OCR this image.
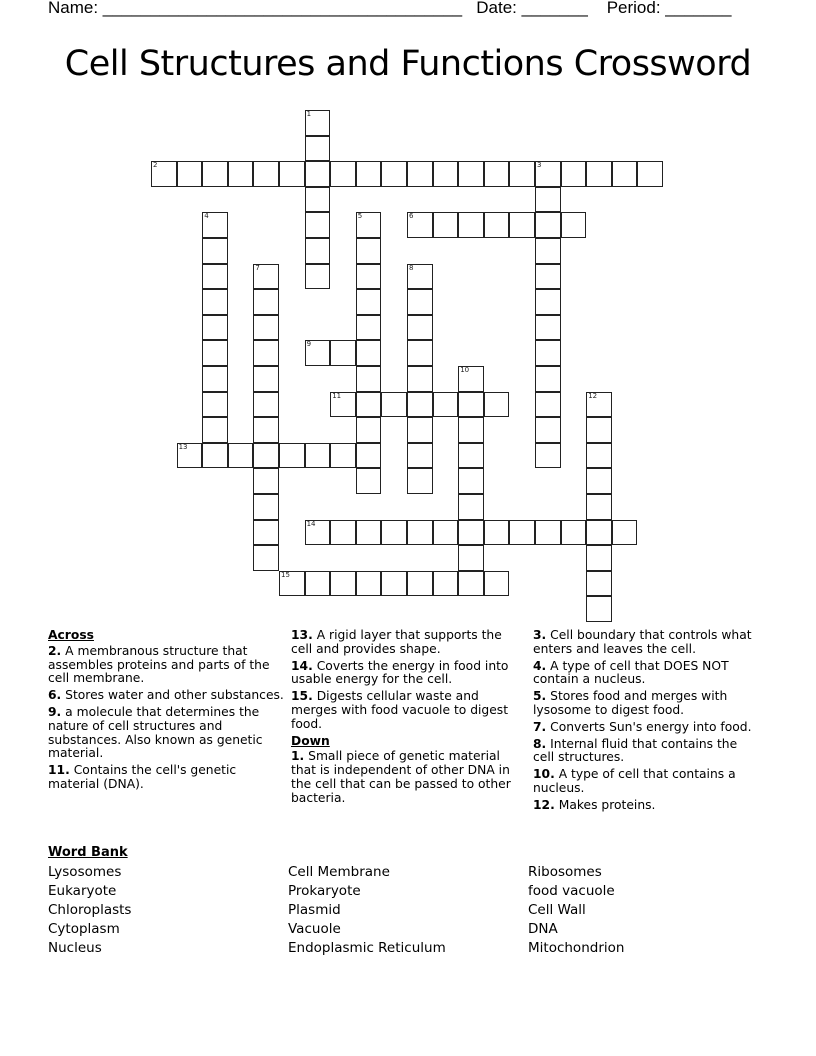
Name: ______________________________________ Date: _______ Period: _______
Cell Structures and Functions Crossword
1
2	3
4	5	6
7	8
9
10
11	12
13
14
15
Across
2. A membranous structure that assembles proteins and parts of the cell membrane.
6. Stores water and other substances.
9. a molecule that determines the nature of cell structures and substances. Also known as genetic material.
11. Contains the cell's genetic material (DNA).
13. A rigid layer that supports the cell and provides shape.
14. Coverts the energy in food into usable energy for the cell.
15. Digests cellular waste and merges with food vacuole to digest food.
Down
1. Small piece of genetic material that is independent of other DNA in the cell that can be passed to other bacteria.
3. Cell boundary that controls what enters and leaves the cell.
4. A type of cell that DOES NOT contain a nucleus.
5. Stores food and merges with lysosome to digest food.
7. Converts Sun's energy into food.
8. Internal fluid that contains the cell structures.
10. A type of cell that contains a nucleus.
12. Makes proteins.
Word Bank
Lysosomes
Eukaryote
Chloroplasts
Cytoplasm
Nucleus
Cell Membrane
Prokaryote
Plasmid
Vacuole
Endoplasmic Reticulum
Ribosomes
food vacuole
Cell Wall
DNA
Mitochondrion
